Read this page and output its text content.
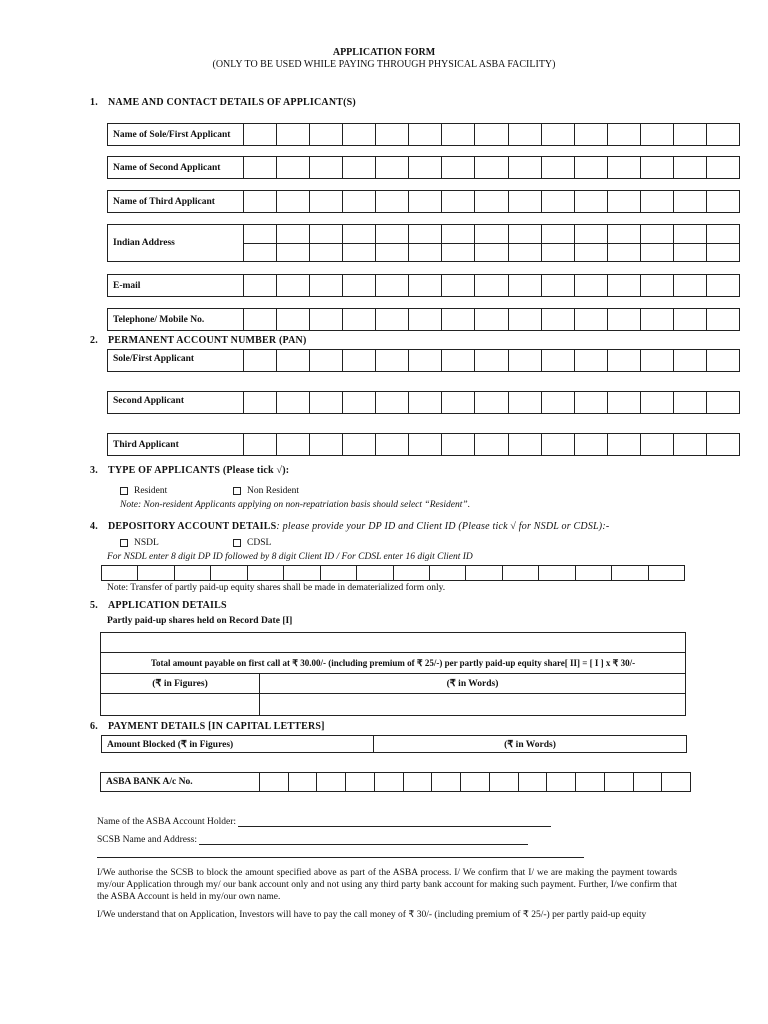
APPLICATION FORM
(ONLY TO BE USED WHILE PAYING THROUGH PHYSICAL ASBA FACILITY)
1. NAME AND CONTACT DETAILS OF APPLICANT(S)
Name of Sole/First Applicant
Name of Second Applicant
Name of Third Applicant
Indian Address
E-mail
Telephone/ Mobile No.
2. PERMANENT ACCOUNT NUMBER (PAN)
Sole/First Applicant
Second Applicant
Third Applicant
3. TYPE OF APPLICANTS (Please tick √):
Resident	Non Resident
Note: Non-resident Applicants applying on non-repatriation basis should select “Resident”.
4. DEPOSITORY ACCOUNT DETAILS: please provide your DP ID and Client ID (Please tick √ for NSDL or CDSL):-
NSDL	CDSL
For NSDL enter 8 digit DP ID followed by 8 digit Client ID / For CDSL enter 16 digit Client ID
Note: Transfer of partly paid-up equity shares shall be made in dematerialized form only.
5. APPLICATION DETAILS
Partly paid-up shares held on Record Date [I]
Total amount payable on first call at ₹ 30.00/- (including premium of ₹ 25/-) per partly paid-up equity share[ II] = [ I ] x ₹ 30/-
(₹ in Figures)	(₹ in Words)
6. PAYMENT DETAILS [IN CAPITAL LETTERS]
Amount Blocked (₹ in Figures)	(₹ in Words)
ASBA BANK A/c No.
Name of the ASBA Account Holder:
SCSB Name and Address:
I/We authorise the SCSB to block the amount specified above as part of the ASBA process. I/ We confirm that I/ we are making the payment towards my/our Application through my/ our bank account only and not using any third party bank account for making such payment. Further, I/we confirm that the ASBA Account is held in my/our own name.
I/We understand that on Application, Investors will have to pay the call money of ₹ 30/- (including premium of ₹ 25/-) per partly paid-up equity
